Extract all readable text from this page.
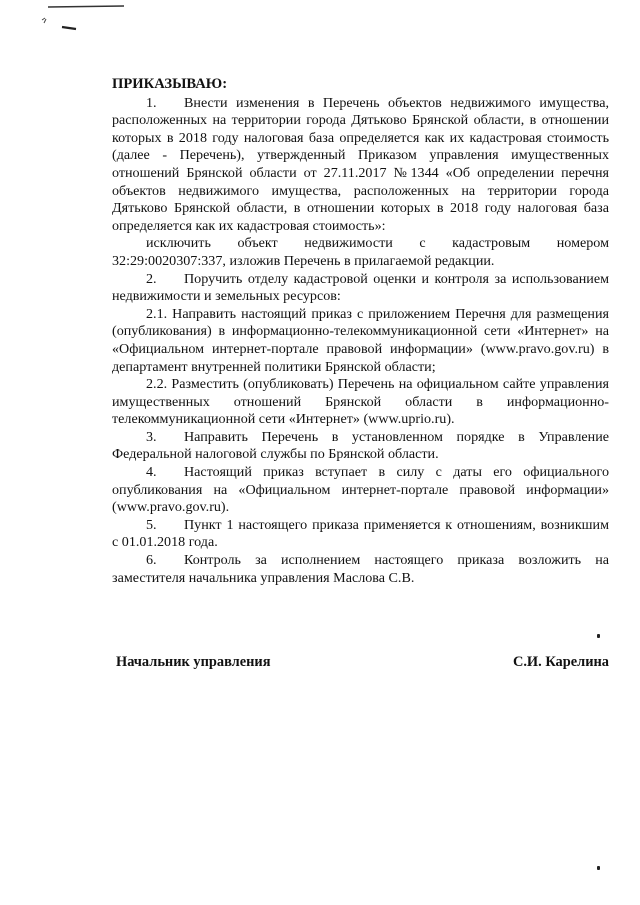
ПРИКАЗЫВАЮ:

1. Внести изменения в Перечень объектов недвижимого имущества, расположенных на территории города Дятьково Брянской области, в отношении которых в 2018 году налоговая база определяется как их кадастровая стоимость (далее - Перечень), утвержденный Приказом управления имущественных отношений Брянской области от 27.11.2017 №1344 «Об определении перечня объектов недвижимого имущества, расположенных на территории города Дятьково Брянской области, в отношении которых в 2018 году налоговая база определяется как их кадастровая стоимость»:

исключить объект недвижимости с кадастровым номером 32:29:0020307:337, изложив Перечень в прилагаемой редакции.

2. Поручить отделу кадастровой оценки и контроля за использованием недвижимости и земельных ресурсов:

2.1. Направить настоящий приказ с приложением Перечня для размещения (опубликования) в информационно-телекоммуникационной сети «Интернет» на «Официальном интернет-портале правовой информации» (www.pravo.gov.ru) в департамент внутренней политики Брянской области;

2.2. Разместить (опубликовать) Перечень на официальном сайте управления имущественных отношений Брянской области в информационно-телекоммуникационной сети «Интернет» (www.uprio.ru).

3. Направить Перечень в установленном порядке в Управление Федеральной налоговой службы по Брянской области.

4. Настоящий приказ вступает в силу с даты его официального опубликования на «Официальном интернет-портале правовой информации» (www.pravo.gov.ru).

5. Пункт 1 настоящего приказа применяется к отношениям, возникшим с 01.01.2018 года.

6. Контроль за исполнением настоящего приказа возложить на заместителя начальника управления Маслова С.В.

Начальник управления	С.И. Карелина
